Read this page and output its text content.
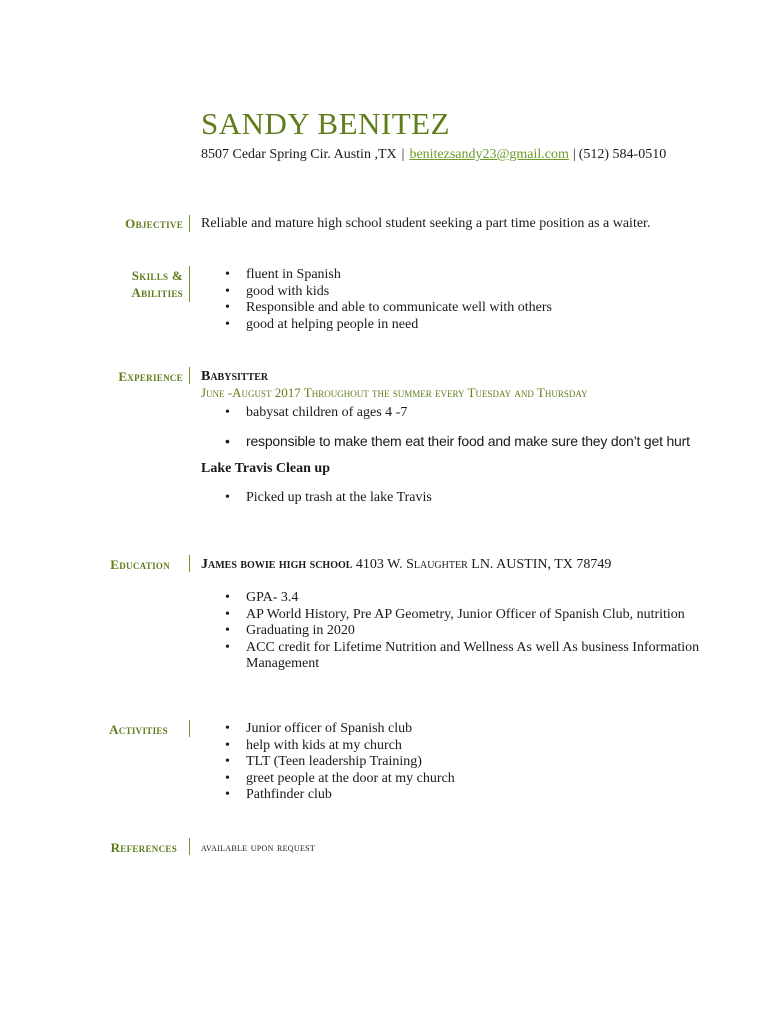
SANDY BENITEZ
8507 Cedar Spring Cir. Austin ,TX | benitezsandy23@gmail.com | (512) 584-0510
Objective Reliable and mature high school student seeking a part time position as a waiter.
Skills &
Abilities
• fluent in Spanish
• good with kids
• Responsible and able to communicate well with others
• good at helping people in need
Experience Babysitter
June -August 2017 Throughout the summer every Tuesday and Thursday
• babysat children of ages 4 -7
• responsible to make them eat their food and make sure they don’t get hurt
Lake Travis Clean up
• Picked up trash at the lake Travis
Education James bowie high school 4103 W. Slaughter LN. AUSTIN, TX 78749
• GPA- 3.4
• AP World History, Pre AP Geometry, Junior Officer of Spanish Club, nutrition
• Graduating in 2020
• ACC credit for Lifetime Nutrition and Wellness As well As business Information
Management
Activities
•	Junior officer of Spanish club
• help with kids at my church
• TLT (Teen leadership Training)
• greet people at the door at my church
• Pathfinder club
References available upon request
